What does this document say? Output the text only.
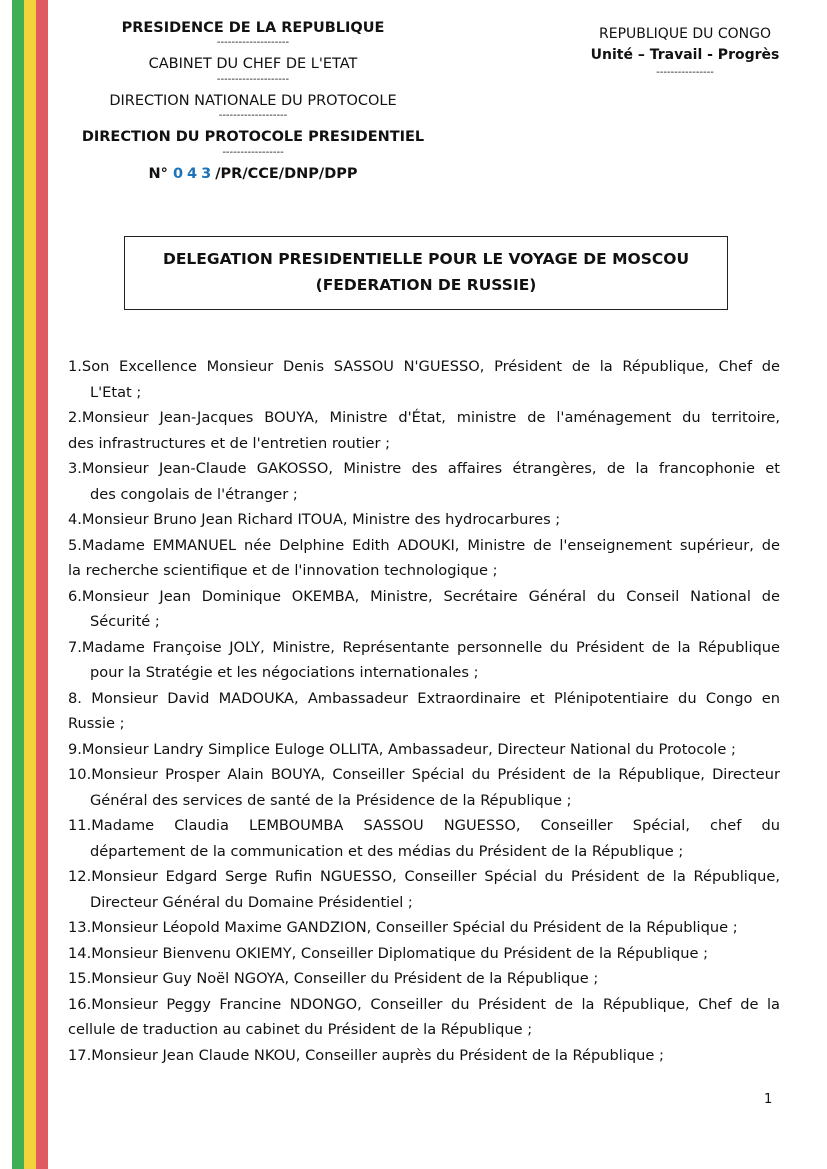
PRESIDENCE DE LA REPUBLIQUE
--------------------
CABINET DU CHEF DE L'ETAT
--------------------
DIRECTION NATIONALE DU PROTOCOLE
-------------------
DIRECTION DU PROTOCOLE PRESIDENTIEL
-----------------
N° 043/PR/CCE/DNP/DPP
REPUBLIQUE DU CONGO
Unité – Travail - Progrès
----------------
DELEGATION PRESIDENTIELLE POUR LE VOYAGE DE MOSCOU
(FEDERATION DE RUSSIE)
1.Son Excellence Monsieur Denis SASSOU N'GUESSO, Président de la République, Chef de
L'Etat ;
2.Monsieur Jean-Jacques BOUYA, Ministre d'État, ministre de l'aménagement du territoire,
des infrastructures et de l'entretien routier ;
3.Monsieur Jean-Claude GAKOSSO, Ministre des affaires étrangères, de la francophonie et
des congolais de l'étranger ;
4.Monsieur Bruno Jean Richard ITOUA, Ministre des hydrocarbures ;
5.Madame EMMANUEL née Delphine Edith ADOUKI, Ministre de l'enseignement supérieur, de
la recherche scientifique et de l'innovation technologique ;
6.Monsieur Jean Dominique OKEMBA, Ministre, Secrétaire Général du Conseil National de
Sécurité ;
7.Madame Françoise JOLY, Ministre, Représentante personnelle du Président de la République
pour la Stratégie et les négociations internationales ;
8. Monsieur David MADOUKA, Ambassadeur Extraordinaire et Plénipotentiaire du Congo en
Russie ;
9.Monsieur Landry Simplice Euloge OLLITA, Ambassadeur, Directeur National du Protocole ;
10.Monsieur Prosper Alain BOUYA, Conseiller Spécial du Président de la République, Directeur
Général des services de santé de la Présidence de la République ;
11.Madame Claudia LEMBOUMBA SASSOU NGUESSO, Conseiller Spécial, chef du
département de la communication et des médias du Président de la République ;
12.Monsieur Edgard Serge Rufin NGUESSO, Conseiller Spécial du Président de la République,
Directeur Général du Domaine Présidentiel ;
13.Monsieur Léopold Maxime GANDZION, Conseiller Spécial du Président de la République ;
14.Monsieur Bienvenu OKIEMY, Conseiller Diplomatique du Président de la République ;
15.Monsieur Guy Noël NGOYA, Conseiller du Président de la République ;
16.Monsieur Peggy Francine NDONGO, Conseiller du Président de la République, Chef de la
cellule de traduction au cabinet du Président de la République ;
17.Monsieur Jean Claude NKOU, Conseiller auprès du Président de la République ;
1
